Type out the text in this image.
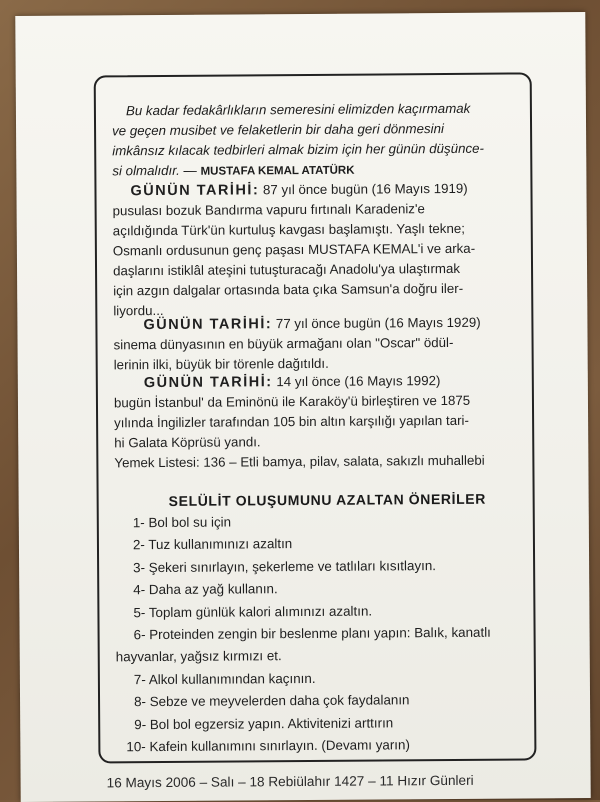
Bu kadar fedakârlıkların semeresini elimizden kaçırmamak
ve geçen musibet ve felaketlerin bir daha geri dönmesini
imkânsız kılacak tedbirleri almak bizim için her günün düşünce-
si olmalıdır. — MUSTAFA KEMAL ATATÜRK
GÜNÜN TARİHİ: 87 yıl önce bugün (16 Mayıs 1919)
pusulası bozuk Bandırma vapuru fırtınalı Karadeniz'e
açıldığında Türk'ün kurtuluş kavgası başlamıştı. Yaşlı tekne;
Osmanlı ordusunun genç paşası MUSTAFA KEMAL'i ve arka-
daşlarını istiklâl ateşini tutuşturacağı Anadolu'ya ulaştırmak
için azgın dalgalar ortasında bata çıka Samsun'a doğru iler-
liyordu...
GÜNÜN TARİHİ: 77 yıl önce bugün (16 Mayıs 1929)
sinema dünyasının en büyük armağanı olan "Oscar" ödül-
lerinin ilki, büyük bir törenle dağıtıldı.
GÜNÜN TARİHİ: 14 yıl önce (16 Mayıs 1992)
bugün İstanbul' da Eminönü ile Karaköy'ü birleştiren ve 1875
yılında İngilizler tarafından 105 bin altın karşılığı yapılan tari-
hi Galata Köprüsü yandı.
Yemek Listesi: 136 – Etli bamya, pilav, salata, sakızlı muhallebi
SELÜLİT OLUŞUMUNU AZALTAN ÖNERİLER
1- Bol bol su için
2- Tuz kullanımınızı azaltın
3- Şekeri sınırlayın, şekerleme ve tatlıları kısıtlayın.
4- Daha az yağ kullanın.
5- Toplam günlük kalori alımınızı azaltın.
6- Proteinden zengin bir beslenme planı yapın: Balık, kanatlı
hayvanlar, yağsız kırmızı et.
7- Alkol kullanımından kaçının.
8- Sebze ve meyvelerden daha çok faydalanın
9- Bol bol egzersiz yapın. Aktivitenizi arttırın
10- Kafein kullanımını sınırlayın. (Devamı yarın)
16 Mayıs 2006 – Salı – 18 Rebiülahır 1427 – 11 Hızır Günleri
